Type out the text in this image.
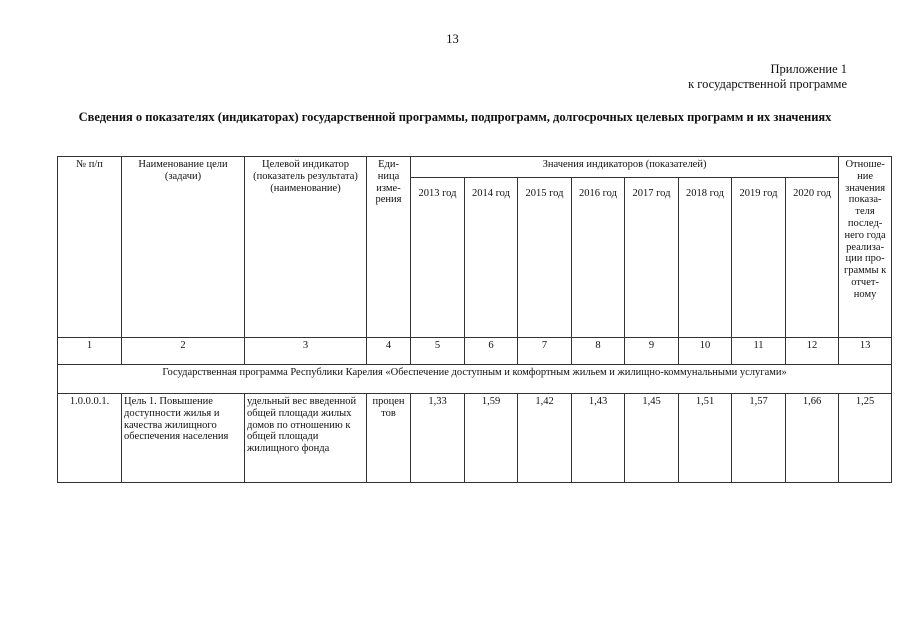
13
Приложение 1
к государственной программе
Сведения о показателях (индикаторах) государственной программы, подпрограмм, долгосрочных целевых программ и их значениях
№ п/п	Наименование цели (задачи)	Целевой индикатор (показатель результата) (наименование)	Еди-ница изме-рения	Значения индикаторов (показателей)								Отноше-ние значения показа-теля послед-него года реализа-ции про-граммы к отчет-ному
				2013 год	2014 год	2015 год	2016 год	2017 год	2018 год	2019 год	2020 год	
1	2	3	4	5	6	7	8	9	10	11	12	13
Государственная программа Республики Карелия «Обеспечение доступным и комфортным жильем и жилищно-коммунальными услугами»												
1.0.0.0.1.	Цель 1. Повышение доступности жилья и качества жилищного обеспечения населения	удельный вес введенной общей площади жилых домов по отношению к общей площади жилищного фонда	процен тов	1,33	1,59	1,42	1,43	1,45	1,51	1,57	1,66	1,25
